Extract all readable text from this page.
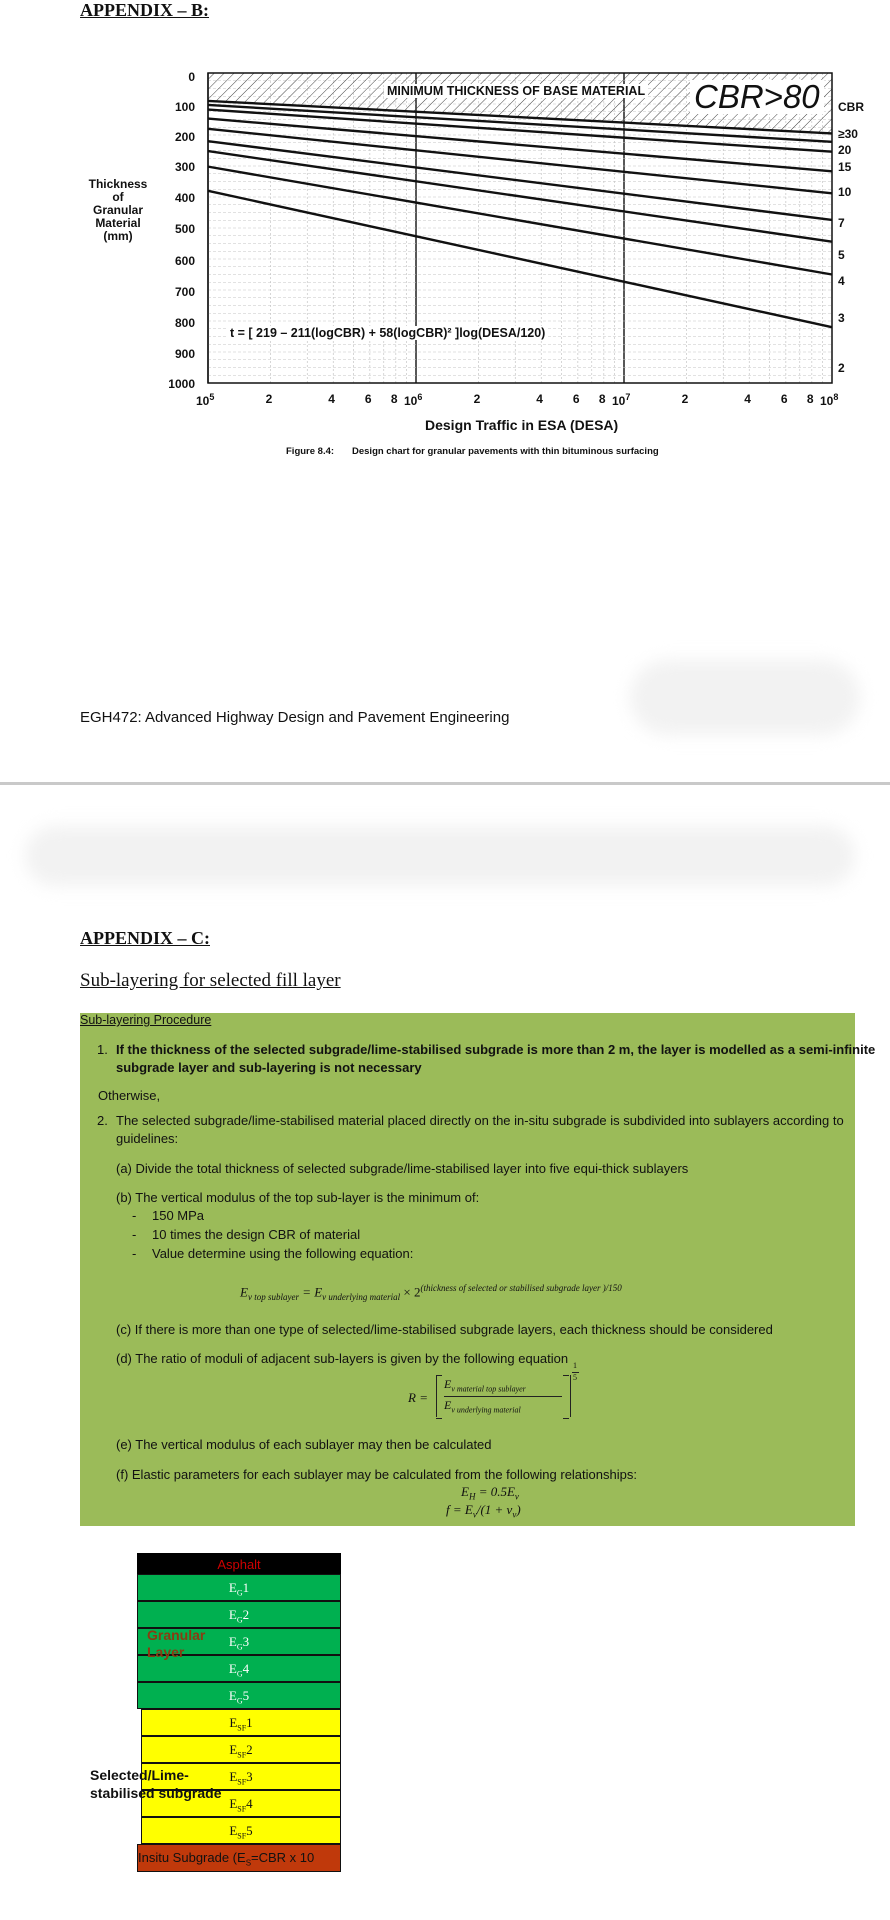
APPENDIX – B:
Thickness
of
Granular
Material
(mm)
0
100
200
300
400
500
600
700
800
900
1000
MINIMUM THICKNESS OF BASE MATERIAL CBR>80
t = [ 219 – 211(logCBR) + 58(logCBR)² ]log(DESA/120)
CBR
≥30
20
15
10
7
5
4
3
2
$10^5$	2	4 6 8 $10^6$	2	4 6 8 $10^7$	2	4 6 8 $10^8$
Design Traffic in ESA (DESA)
Figure 8.4: Design chart for granular pavements with thin bituminous surfacing
EGH472: Advanced Highway Design and Pavement Engineering
APPENDIX – C:
Sub-layering for selected fill layer
Sub-layering Procedure
1. If the thickness of the selected subgrade/lime-stabilised subgrade is more than 2 m, the layer is modelled as a semi-infinite
subgrade layer and sub-layering is not necessary
Otherwise,
2. The selected subgrade/lime-stabilised material placed directly on the in-situ subgrade is subdivided into sublayers according to
guidelines:
(a) Divide the total thickness of selected subgrade/lime-stabilised layer into five equi-thick sublayers
(b) The vertical modulus of the top sub-layer is the minimum of:
- 150 MPa
- 10 times the design CBR of material
- Value determine using the following equation:
$E_{v top sublayer} = E_{v underlying material} \times 2^{(thickness of selected or stabilised subgrade layer )/150}$
(c) If there is more than one type of selected/lime-stabilised subgrade layers, each thickness should be considered
(d) The ratio of moduli of adjacent sub-layers is given by the following equation
R =
$E_{v material top sublayer}$
$E_{v underlying material}$
1
5
(e) The vertical modulus of each sublayer may then be calculated
(f) Elastic parameters for each sublayer may be calculated from the following relationships:
$E_H = 0.5E_v$
$f = E_v/(1 + \nu_v)$
Asphalt
$E_G1$
$E_G2$
$E_G3$
$E_G4$
$E_G5$
Granular
Layer
$E_{SF}1$
$E_{SF}2$
$E_{SF}3$
$E_{SF}4$
$E_{SF}5$
Selected/Lime-
stabilised subgrade
Insitu Subgrade ($E_S=CBR$ x 10
